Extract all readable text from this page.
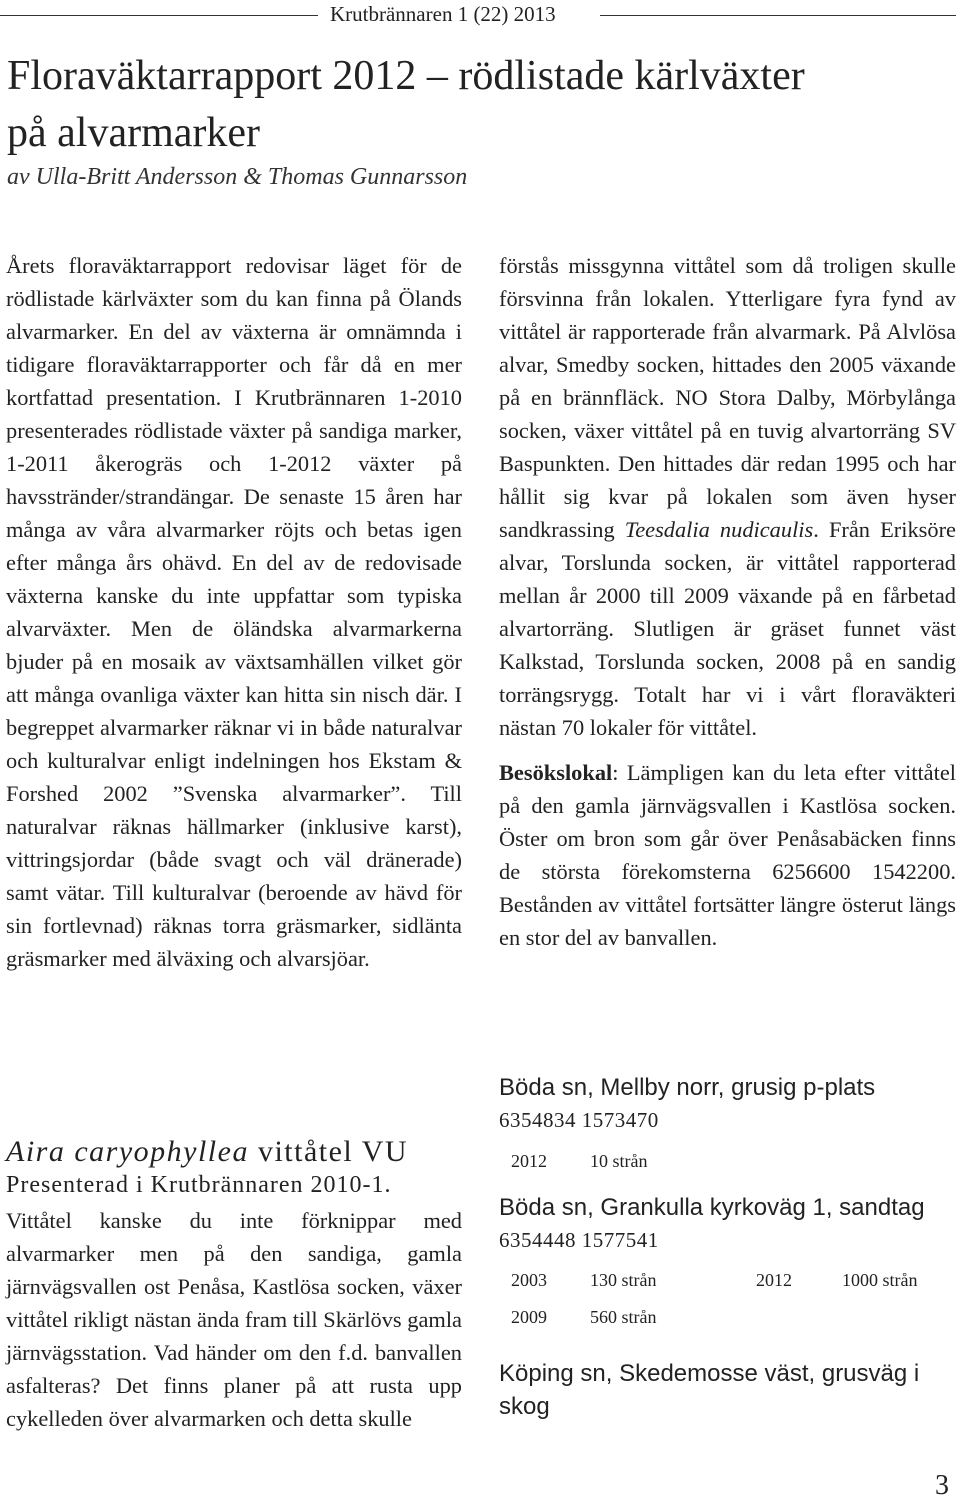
Krutbrännaren 1 (22) 2013
Floraväktarrapport 2012 – rödlistade kärlväxter
på alvarmarker
av Ulla-Britt Andersson & Thomas Gunnarsson

Årets floraväktarrapport redovisar läget för de rödlistade kärlväxter som du kan finna på Ölands alvarmarker. En del av växterna är omnämnda i tidigare floraväktarrapporter och får då en mer kortfattad presentation. I Krutbrännaren 1-2010 presenterades rödlistade växter på sandiga marker, 1-2011 åkerogräs och 1-2012 växter på havsstränder/strandängar. De senaste 15 åren har många av våra alvarmarker röjts och betas igen efter många års ohävd. En del av de redovisade växterna kanske du inte uppfattar som typiska alvarväxter. Men de öländska alvarmarkerna bjuder på en mosaik av växtsamhällen vilket gör att många ovanliga växter kan hitta sin nisch där. I begreppet alvarmarker räknar vi in både naturalvar och kulturalvar enligt indelningen hos Ekstam & Forshed 2002 ”Svenska alvarmarker”. Till naturalvar räknas hällmarker (inklusive karst), vittringsjordar (både svagt och väl dränerade) samt vätar. Till kulturalvar (beroende av hävd för sin fortlevnad) räknas torra gräsmarker, sidlänta gräsmarker med älväxing och alvarsjöar.

Aira caryophyllea vittåtel VU
Presenterad i Krutbrännaren 2010-1.

Vittåtel kanske du inte förknippar med alvarmarker men på den sandiga, gamla järnvägsvallen ost Penåsa, Kastlösa socken, växer vittåtel rikligt nästan ända fram till Skärlövs gamla järnvägsstation. Vad händer om den f.d. banvallen asfalteras? Det finns planer på att rusta upp cykelleden över alvarmarken och detta skulle

förstås missgynna vittåtel som då troligen skulle försvinna från lokalen. Ytterligare fyra fynd av vittåtel är rapporterade från alvarmark. På Alvlösa alvar, Smedby socken, hittades den 2005 växande på en brännfläck. NO Stora Dalby, Mörbylånga socken, växer vittåtel på en tuvig alvartorräng SV Baspunkten. Den hittades där redan 1995 och har hållit sig kvar på lokalen som även hyser sandkrassing Teesdalia nudicaulis. Från Eriksöre alvar, Torslunda socken, är vittåtel rapporterad mellan år 2000 till 2009 växande på en fårbetad alvartorräng. Slutligen är gräset funnet väst Kalkstad, Torslunda socken, 2008 på en sandig torrängsrygg. Totalt har vi i vårt floraväkteri nästan 70 lokaler för vittåtel.

Besökslokal: Lämpligen kan du leta efter vittåtel på den gamla järnvägsvallen i Kastlösa socken. Öster om bron som går över Penåsabäcken finns de största förekomsterna 6256600 1542200. Bestånden av vittåtel fortsätter längre österut längs en stor del av banvallen.

Böda sn, Mellby norr, grusig p-plats
6354834 1573470
2012 10 strån
Böda sn, Grankulla kyrkoväg 1, sandtag
6354448 1577541
2003 130 strån	2012	1000 strån
2009 560 strån
Köping sn, Skedemosse väst, grusväg i skog
3
